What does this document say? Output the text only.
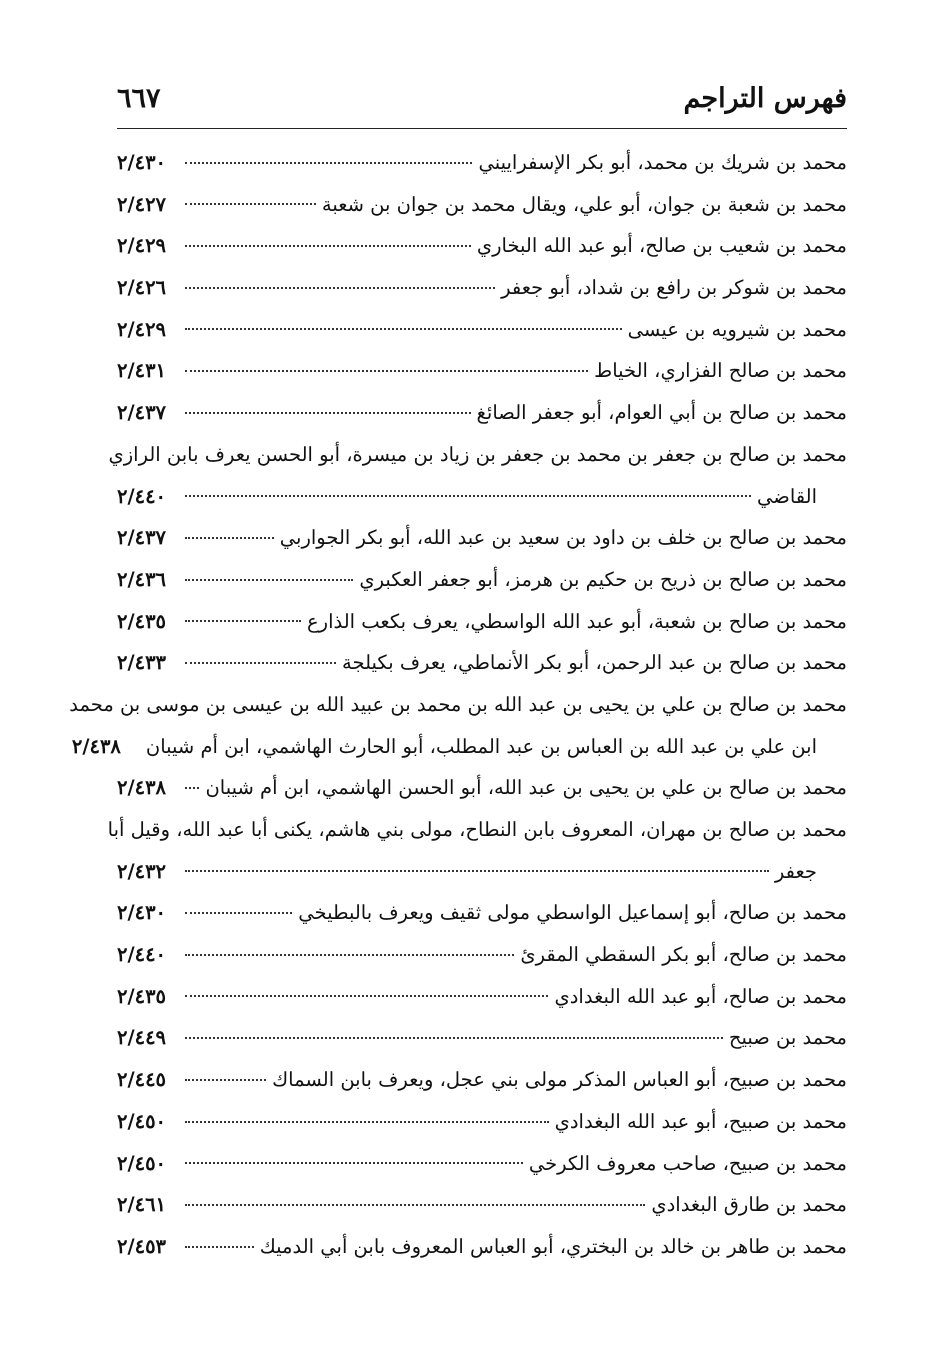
فهرس التراجم
٦٦٧
محمد بن شريك بن محمد، أبو بكر الإسفراييني
٢/٤٣٠
محمد بن شعبة بن جوان، أبو علي، ويقال محمد بن جوان بن شعبة
٢/٤٢٧
محمد بن شعيب بن صالح، أبو عبد الله البخاري
٢/٤٢٩
محمد بن شوكر بن رافع بن شداد، أبو جعفر
٢/٤٢٦
محمد بن شيرويه بن عيسى
٢/٤٢٩
محمد بن صالح الفزاري، الخياط
٢/٤٣١
محمد بن صالح بن أبي العوام، أبو جعفر الصائغ
٢/٤٣٧
محمد بن صالح بن جعفر بن محمد بن جعفر بن زياد بن ميسرة، أبو الحسن يعرف بابن الرازي
القاضي
٢/٤٤٠
محمد بن صالح بن خلف بن داود بن سعيد بن عبد الله، أبو بكر الجواربي
٢/٤٣٧
محمد بن صالح بن ذريح بن حكيم بن هرمز، أبو جعفر العكبري
٢/٤٣٦
محمد بن صالح بن شعبة، أبو عبد الله الواسطي، يعرف بكعب الذارع
٢/٤٣٥
محمد بن صالح بن عبد الرحمن، أبو بكر الأنماطي، يعرف بكيلجة
٢/٤٣٣
محمد بن صالح بن علي بن يحيى بن عبد الله بن محمد بن عبيد الله بن عيسى بن موسى بن محمد
ابن علي بن عبد الله بن العباس بن عبد المطلب، أبو الحارث الهاشمي، ابن أم شيبان
٢/٤٣٨
محمد بن صالح بن علي بن يحيى بن عبد الله، أبو الحسن الهاشمي، ابن أم شيبان
٢/٤٣٨
محمد بن صالح بن مهران، المعروف بابن النطاح، مولى بني هاشم، يكنى أبا عبد الله، وقيل أبا
جعفر
٢/٤٣٢
محمد بن صالح، أبو إسماعيل الواسطي مولى ثقيف ويعرف بالبطيخي
٢/٤٣٠
محمد بن صالح، أبو بكر السقطي المقرئ
٢/٤٤٠
محمد بن صالح، أبو عبد الله البغدادي
٢/٤٣٥
محمد بن صبيح
٢/٤٤٩
محمد بن صبيح، أبو العباس المذكر مولى بني عجل، ويعرف بابن السماك
٢/٤٤٥
محمد بن صبيح، أبو عبد الله البغدادي
٢/٤٥٠
محمد بن صبيح، صاحب معروف الكرخي
٢/٤٥٠
محمد بن طارق البغدادي
٢/٤٦١
محمد بن طاهر بن خالد بن البختري، أبو العباس المعروف بابن أبي الدميك
٢/٤٥٣
